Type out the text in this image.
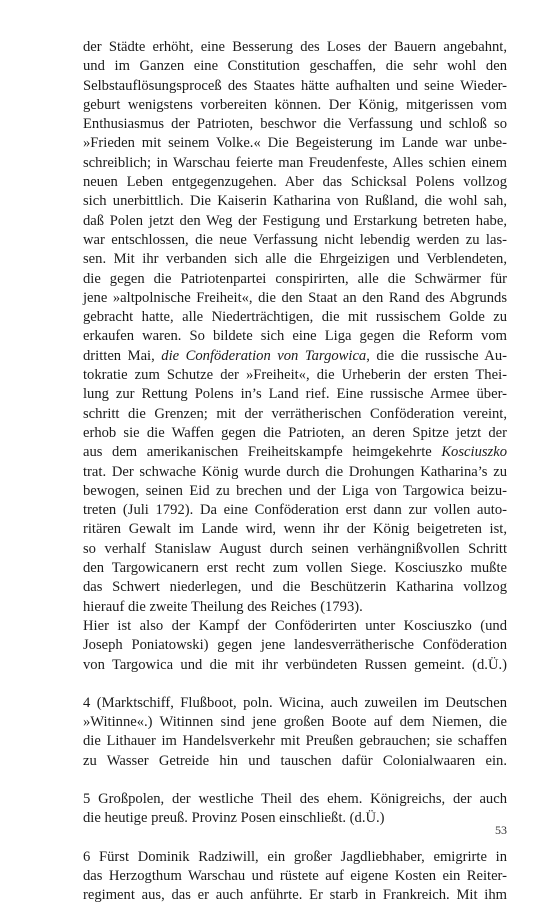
der Städte erhöht, eine Besserung des Loses der Bauern angebahnt,
und im Ganzen eine Constitution geschaffen, die sehr wohl den
Selbstauflösungsproceß des Staates hätte aufhalten und seine Wieder-
geburt wenigstens vorbereiten können. Der König, mitgerissen vom
Enthusiasmus der Patrioten, beschwor die Verfassung und schloß so
»Frieden mit seinem Volke.« Die Begeisterung im Lande war unbe-
schreiblich; in Warschau feierte man Freudenfeste, Alles schien einem
neuen Leben entgegenzugehen. Aber das Schicksal Polens vollzog
sich unerbittlich. Die Kaiserin Katharina von Rußland, die wohl sah,
daß Polen jetzt den Weg der Festigung und Erstarkung betreten habe,
war entschlossen, die neue Verfassung nicht lebendig werden zu las-
sen. Mit ihr verbanden sich alle die Ehrgeizigen und Verblendeten,
die gegen die Patriotenpartei conspirirten, alle die Schwärmer für
jene »altpolnische Freiheit«, die den Staat an den Rand des Abgrunds
gebracht hatte, alle Niederträchtigen, die mit russischem Golde zu
erkaufen waren. So bildete sich eine Liga gegen die Reform vom
dritten Mai, die Conföderation von Targowica, die die russische Au-
tokratie zum Schutze der »Freiheit«, die Urheberin der ersten Thei-
lung zur Rettung Polens in’s Land rief. Eine russische Armee über-
schritt die Grenzen; mit der verrätherischen Conföderation vereint,
erhob sie die Waffen gegen die Patrioten, an deren Spitze jetzt der
aus dem amerikanischen Freiheitskampfe heimgekehrte Kosciuszko
trat. Der schwache König wurde durch die Drohungen Katharina’s zu
bewogen, seinen Eid zu brechen und der Liga von Targowica beizu-
treten (Juli 1792). Da eine Conföderation erst dann zur vollen auto-
ritären Gewalt im Lande wird, wenn ihr der König beigetreten ist,
so verhalf Stanislaw August durch seinen verhängnißvollen Schritt
den Targowicanern erst recht zum vollen Siege. Kosciuszko mußte
das Schwert niederlegen, und die Beschützerin Katharina vollzog
hierauf die zweite Theilung des Reiches (1793).

Hier ist also der Kampf der Conföderirten unter Kosciuszko (und
Joseph Poniatowski) gegen jene landesverrätherische Conföderation
von Targowica und die mit ihr verbündeten Russen gemeint. (d.Ü.)

4 (Marktschiff, Flußboot, poln. Wicina, auch zuweilen im Deutschen
»Witinne«.) Witinnen sind jene großen Boote auf dem Niemen, die
die Lithauer im Handelsverkehr mit Preußen gebrauchen; sie schaffen
zu Wasser Getreide hin und tauschen dafür Colonialwaaren ein.

5 Großpolen, der westliche Theil des ehem. Königreichs, der auch
die heutige preuß. Provinz Posen einschließt. (d.Ü.)

6 Fürst Dominik Radziwill, ein großer Jagdliebhaber, emigrirte in
das Herzogthum Warschau und rüstete auf eigene Kosten ein Reiter-
regiment aus, das er auch anführte. Er starb in Frankreich. Mit ihm

53
